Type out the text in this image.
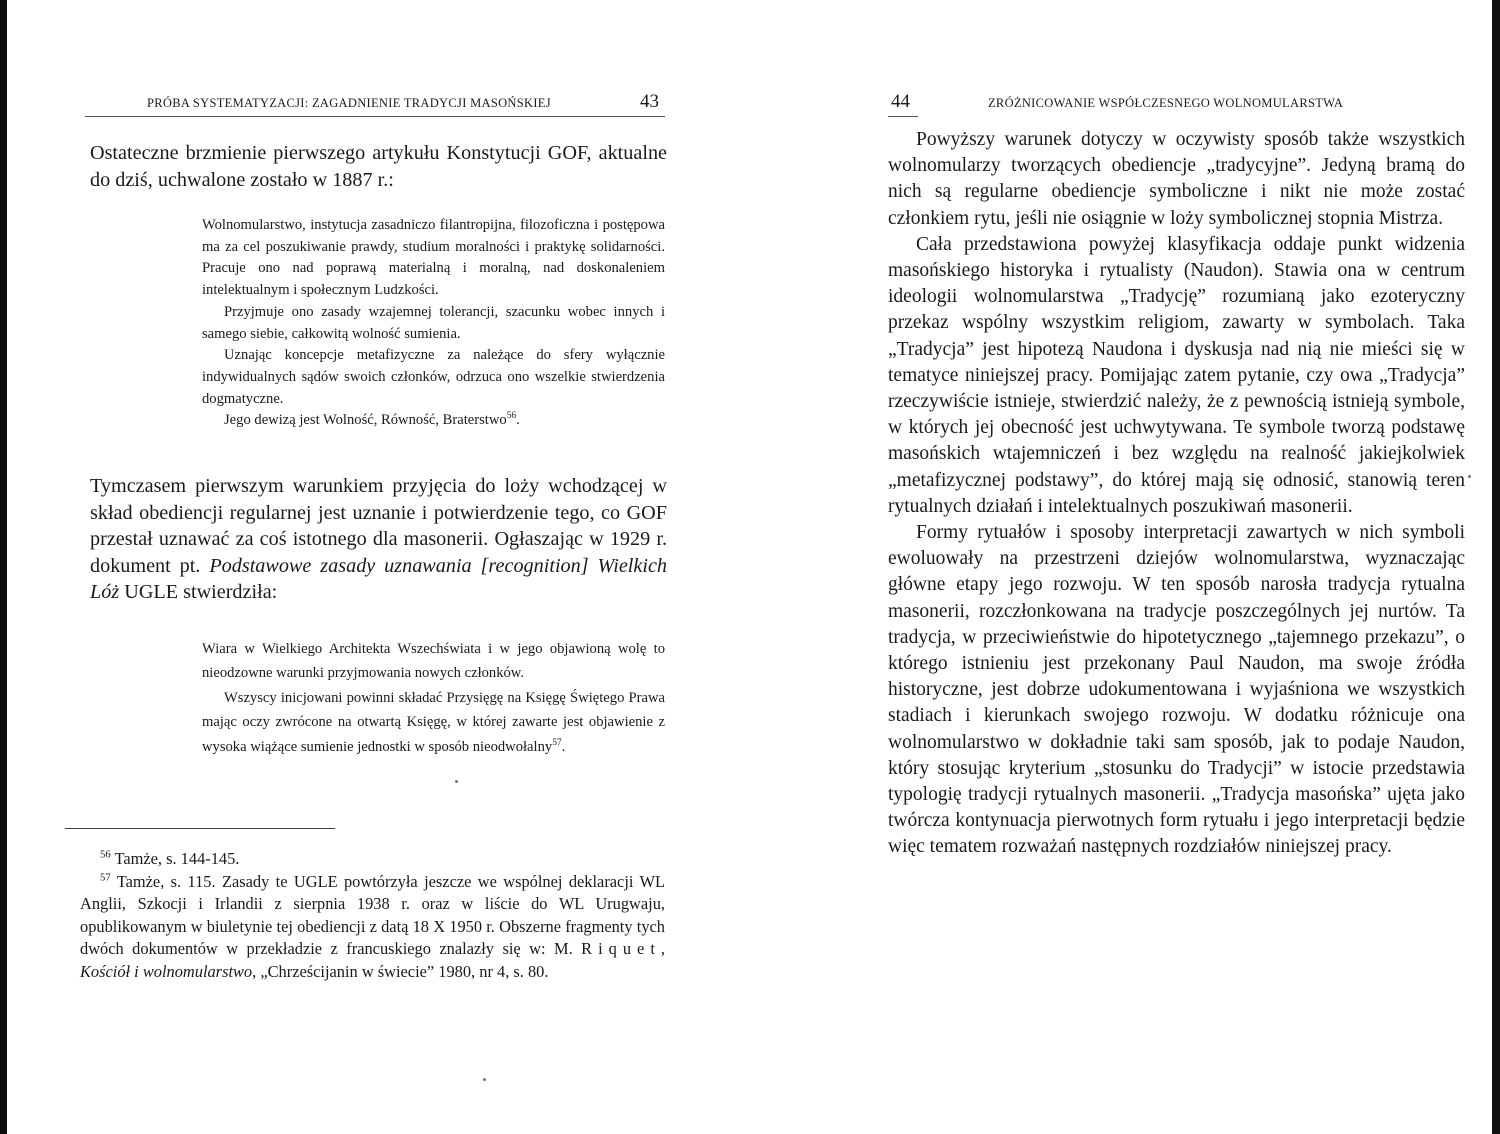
PRÓBA SYSTEMATYZACJI: ZAGADNIENIE TRADYCJI MASOŃSKIEJ	43
Ostateczne brzmienie pierwszego artykułu Konstytucji GOF, aktualne do dziś, uchwalone zostało w 1887 r.:

Wolnomularstwo, instytucja zasadniczo filantropijna, filozoficzna i postępowa ma za cel poszukiwanie prawdy, studium moralności i praktykę solidarności. Pracuje ono nad poprawą materialną i moralną, nad doskonaleniem intelektualnym i społecznym Ludzkości.

Przyjmuje ono zasady wzajemnej tolerancji, szacunku wobec innych i samego siebie, całkowitą wolność sumienia.

Uznając koncepcje metafizyczne za należące do sfery wyłącznie indywidualnych sądów swoich członków, odrzuca ono wszelkie stwierdzenia dogmatyczne.

Jego dewizą jest Wolność, Równość, Braterstwo$^{56}$.

Tymczasem pierwszym warunkiem przyjęcia do loży wchodzącej w skład obediencji regularnej jest uznanie i potwierdzenie tego, co GOF przestał uznawać za coś istotnego dla masonerii. Ogłaszając w 1929 r. dokument pt. Podstawowe zasady uznawania [recognition] Wielkich Lóż UGLE stwierdziła:

Wiara w Wielkiego Architekta Wszechświata i w jego objawioną wolę to nieodzowne warunki przyjmowania nowych członków.

Wszyscy inicjowani powinni składać Przysięgę na Księgę Świętego Prawa mając oczy zwrócone na otwartą Księgę, w której zawarte jest objawienie z wysoka wiążące sumienie jednostki w sposób nieodwołalny$^{57}$.

$^{56}$ Tamże, s. 144-145.

$^{57}$ Tamże, s. 115. Zasady te UGLE powtórzyła jeszcze we wspólnej deklaracji WL Anglii, Szkocji i Irlandii z sierpnia 1938 r. oraz w liście do WL Urugwaju, opublikowanym w biuletynie tej obediencji z datą 18 X 1950 r. Obszerne fragmenty tych dwóch dokumentów w przekładzie z francuskiego znalazły się w: M. Riquet, Kościół i wolnomularstwo, „Chrześcijanin w świecie” 1980, nr 4, s. 80.

44	ZRÓŻNICOWANIE WSPÓŁCZESNEGO WOLNOMULARSTWA

Powyższy warunek dotyczy w oczywisty sposób także wszystkich wolnomularzy tworzących obediencje „tradycyjne”. Jedyną bramą do nich są regularne obediencje symboliczne i nikt nie może zostać członkiem rytu, jeśli nie osiągnie w loży symbolicznej stopnia Mistrza.

Cała przedstawiona powyżej klasyfikacja oddaje punkt widzenia masońskiego historyka i rytualisty (Naudon). Stawia ona w centrum ideologii wolnomularstwa „Tradycję” rozumianą jako ezoteryczny przekaz wspólny wszystkim religiom, zawarty w symbolach. Taka „Tradycja” jest hipotezą Naudona i dyskusja nad nią nie mieści się w tematyce niniejszej pracy. Pomijając zatem pytanie, czy owa „Tradycja” rzeczywiście istnieje, stwierdzić należy, że z pewnością istnieją symbole, w których jej obecność jest uchwytywana. Te symbole tworzą podstawę masońskich wtajemniczeń i bez względu na realność jakiejkolwiek „metafizycznej podstawy”, do której mają się odnosić, stanowią teren rytualnych działań i intelektualnych poszukiwań masonerii.

Formy rytuałów i sposoby interpretacji zawartych w nich symboli ewoluowały na przestrzeni dziejów wolnomularstwa, wyznaczając główne etapy jego rozwoju. W ten sposób narosła tradycja rytualna masonerii, rozczłonkowana na tradycje poszczególnych jej nurtów. Ta tradycja, w przeciwieństwie do hipotetycznego „tajemnego przekazu”, o którego istnieniu jest przekonany Paul Naudon, ma swoje źródła historyczne, jest dobrze udokumentowana i wyjaśniona we wszystkich stadiach i kierunkach swojego rozwoju. W dodatku różnicuje ona wolnomularstwo w dokładnie taki sam sposób, jak to podaje Naudon, który stosując kryterium „stosunku do Tradycji” w istocie przedstawia typologię tradycji rytualnych masonerii. „Tradycja masońska” ujęta jako twórcza kontynuacja pierwotnych form rytuału i jego interpretacji będzie więc tematem rozważań następnych rozdziałów niniejszej pracy.
